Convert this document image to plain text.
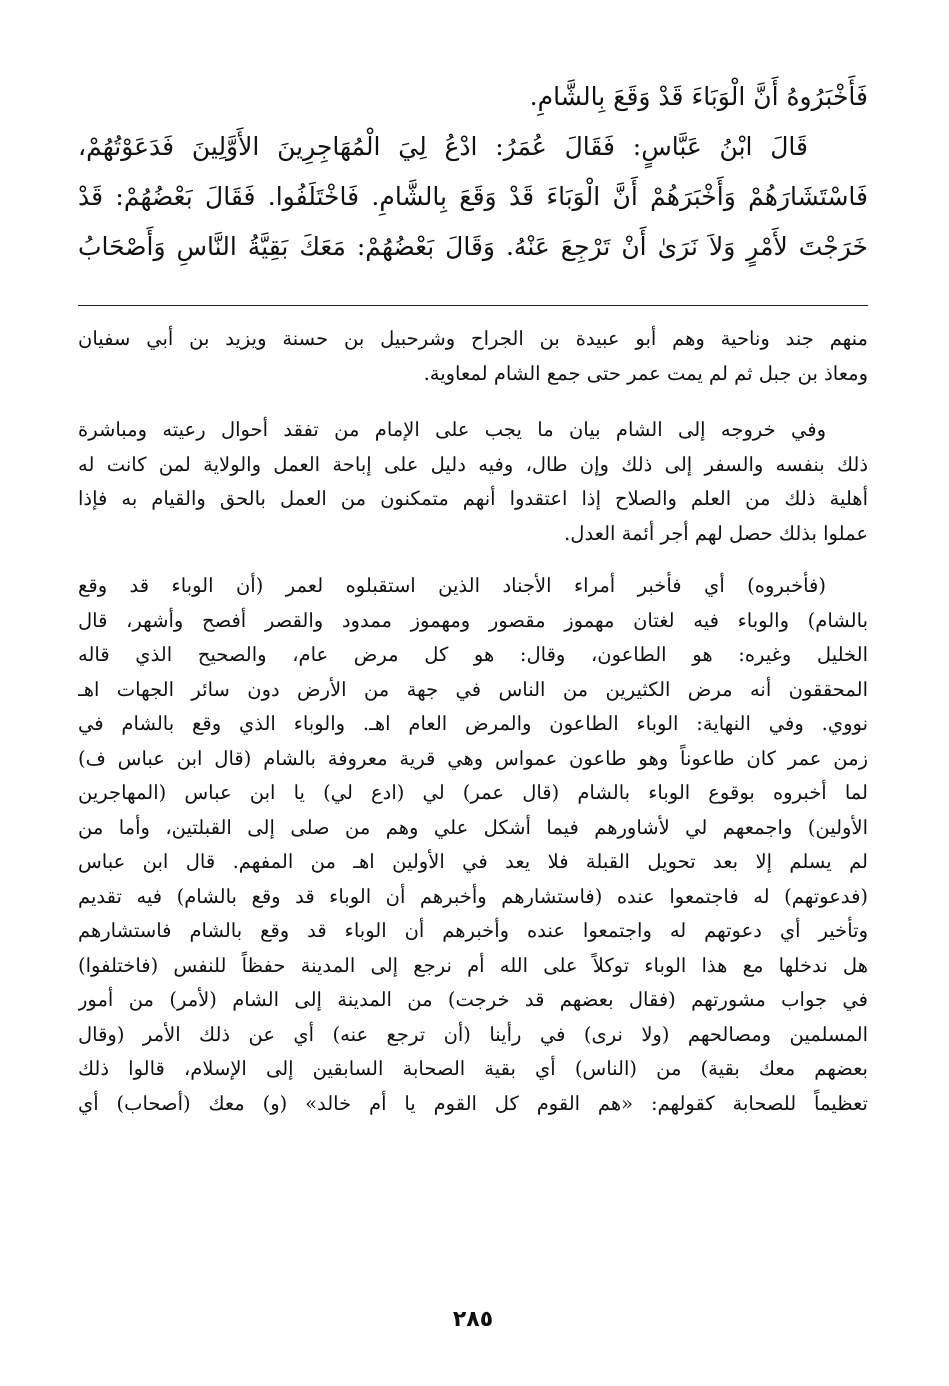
فَأَخْبَرُوهُ أَنَّ الْوَبَاءَ قَدْ وَقَعَ بِالشَّامِ.
قَالَ ابْنُ عَبَّاسٍ: فَقَالَ عُمَرُ: ادْعُ لِيَ الْمُهَاجِرِينَ الأَوَّلِينَ فَدَعَوْتُهُمْ،
فَاسْتَشَارَهُمْ وَأَخْبَرَهُمْ أَنَّ الْوَبَاءَ قَدْ وَقَعَ بِالشَّامِ. فَاخْتَلَفُوا. فَقَالَ بَعْضُهُمْ: قَدْ
خَرَجْتَ لأَمْرٍ وَلاَ نَرَىٰ أَنْ تَرْجِعَ عَنْهُ. وَقَالَ بَعْضُهُمْ: مَعَكَ بَقِيَّةُ النَّاسِ وَأَصْحَابُ
منهم جند وناحية وهم أبو عبيدة بن الجراح وشرحبيل بن حسنة ويزيد بن أبي سفيان
ومعاذ بن جبل ثم لم يمت عمر حتى جمع الشام لمعاوية.
وفي خروجه إلى الشام بيان ما يجب على الإمام من تفقد أحوال رعيته ومباشرة
ذلك بنفسه والسفر إلى ذلك وإن طال، وفيه دليل على إباحة العمل والولاية لمن كانت له
أهلية ذلك من العلم والصلاح إذا اعتقدوا أنهم متمكنون من العمل بالحق والقيام به فإذا
عملوا بذلك حصل لهم أجر أئمة العدل.
(فأخبروه) أي فأخبر أمراء الأجناد الذين استقبلوه لعمر (أن الوباء قد وقع
بالشام) والوباء فيه لغتان مهموز مقصور ومهموز ممدود والقصر أفصح وأشهر، قال
الخليل وغيره: هو الطاعون، وقال: هو كل مرض عام، والصحيح الذي قاله
المحققون أنه مرض الكثيرين من الناس في جهة من الأرض دون سائر الجهات اهـ
نووي. وفي النهاية: الوباء الطاعون والمرض العام اهـ. والوباء الذي وقع بالشام في
زمن عمر كان طاعوناً وهو طاعون عمواس وهي قرية معروفة بالشام (قال ابن عباس ف)
لما أخبروه بوقوع الوباء بالشام (قال عمر) لي (ادع لي) يا ابن عباس (المهاجرين
الأولين) واجمعهم لي لأشاورهم فيما أشكل علي وهم من صلى إلى القبلتين، وأما من
لم يسلم إلا بعد تحويل القبلة فلا يعد في الأولين اهـ من المفهم. قال ابن عباس
(فدعوتهم) له فاجتمعوا عنده (فاستشارهم وأخبرهم أن الوباء قد وقع بالشام) فيه تقديم
وتأخير أي دعوتهم له واجتمعوا عنده وأخبرهم أن الوباء قد وقع بالشام فاستشارهم
هل ندخلها مع هذا الوباء توكلاً على الله أم نرجع إلى المدينة حفظاً للنفس (فاختلفوا)
في جواب مشورتهم (فقال بعضهم قد خرجت) من المدينة إلى الشام (لأمر) من أمور
المسلمين ومصالحهم (ولا نرى) في رأينا (أن ترجع عنه) أي عن ذلك الأمر (وقال
بعضهم معك بقية) من (الناس) أي بقية الصحابة السابقين إلى الإسلام، قالوا ذلك
تعظيماً للصحابة كقولهم: «هم القوم كل القوم يا أم خالد» (و) معك (أصحاب) أي
٢٨٥
